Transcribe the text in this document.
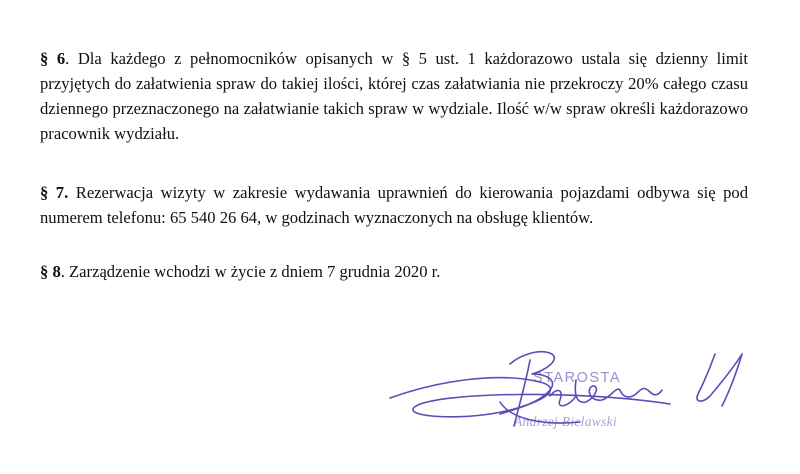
§ 6. Dla każdego z pełnomocników opisanych w § 5 ust. 1 każdorazowo ustala się dzienny limit przyjętych do załatwienia spraw do takiej ilości, której czas załatwiania nie przekroczy 20% całego czasu dziennego przeznaczonego na załatwianie takich spraw w wydziale. Ilość w/w spraw określi każdorazowo pracownik wydziału.

§ 7. Rezerwacja wizyty w zakresie wydawania uprawnień do kierowania pojazdami odbywa się pod numerem telefonu: 65 540 26 64, w godzinach wyznaczonych na obsługę klientów.

§ 8. Zarządzenie wchodzi w życie z dniem 7 grudnia 2020 r.

STAROSTA
Andrzej Bielawski
